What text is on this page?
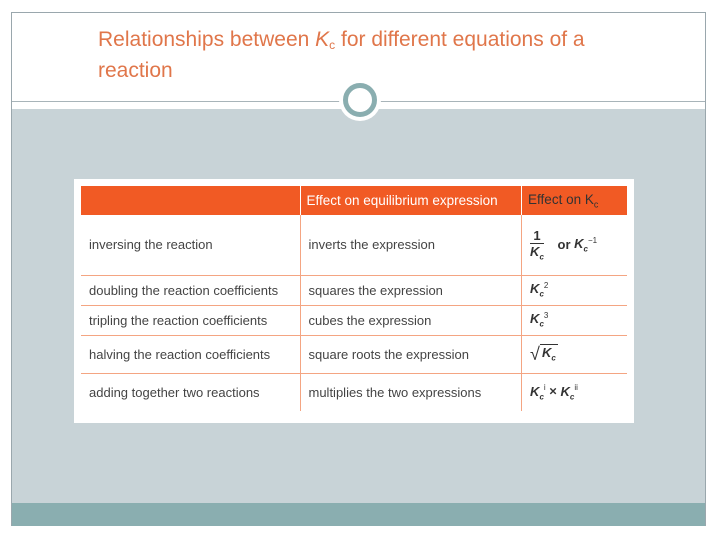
Relationships between $K_c$ for different equations of a reaction
	Effect on equilibrium expression	Effect on $K_c$
inversing the reaction	inverts the expression	$\frac{1}{K_c}$ or $K_c^{-1}$
doubling the reaction coefficients	squares the expression	$K_c^2$
tripling the reaction coefficients	cubes the expression	$K_c^3$
halving the reaction coefficients	square roots the expression	√ $K_c$
adding together two reactions	multiplies the two expressions	$K_c^i \times K_c^{ii}$
